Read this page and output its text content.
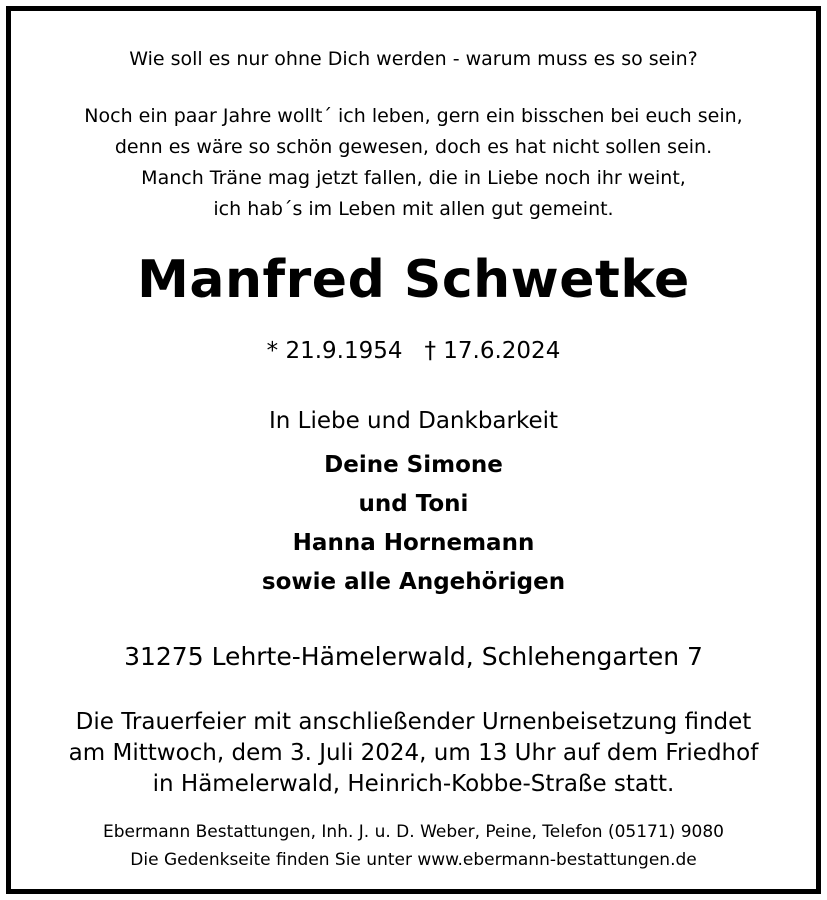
Wie soll es nur ohne Dich werden - warum muss es so sein?
Noch ein paar Jahre wollt´ ich leben, gern ein bisschen bei euch sein,
denn es wäre so schön gewesen, doch es hat nicht sollen sein.
Manch Träne mag jetzt fallen, die in Liebe noch ihr weint,
ich hab´s im Leben mit allen gut gemeint.
Manfred Schwetke
* 21.9.1954   † 17.6.2024
In Liebe und Dankbarkeit
Deine Simone
und Toni
Hanna Hornemann
sowie alle Angehörigen
31275 Lehrte-Hämelerwald, Schlehengarten 7
Die Trauerfeier mit anschließender Urnenbeisetzung findet
am Mittwoch, dem 3. Juli 2024, um 13 Uhr auf dem Friedhof
in Hämelerwald, Heinrich-Kobbe-Straße statt.
Ebermann Bestattungen, Inh. J. u. D. Weber, Peine, Telefon (05171) 9080
Die Gedenkseite finden Sie unter www.ebermann-bestattungen.de
